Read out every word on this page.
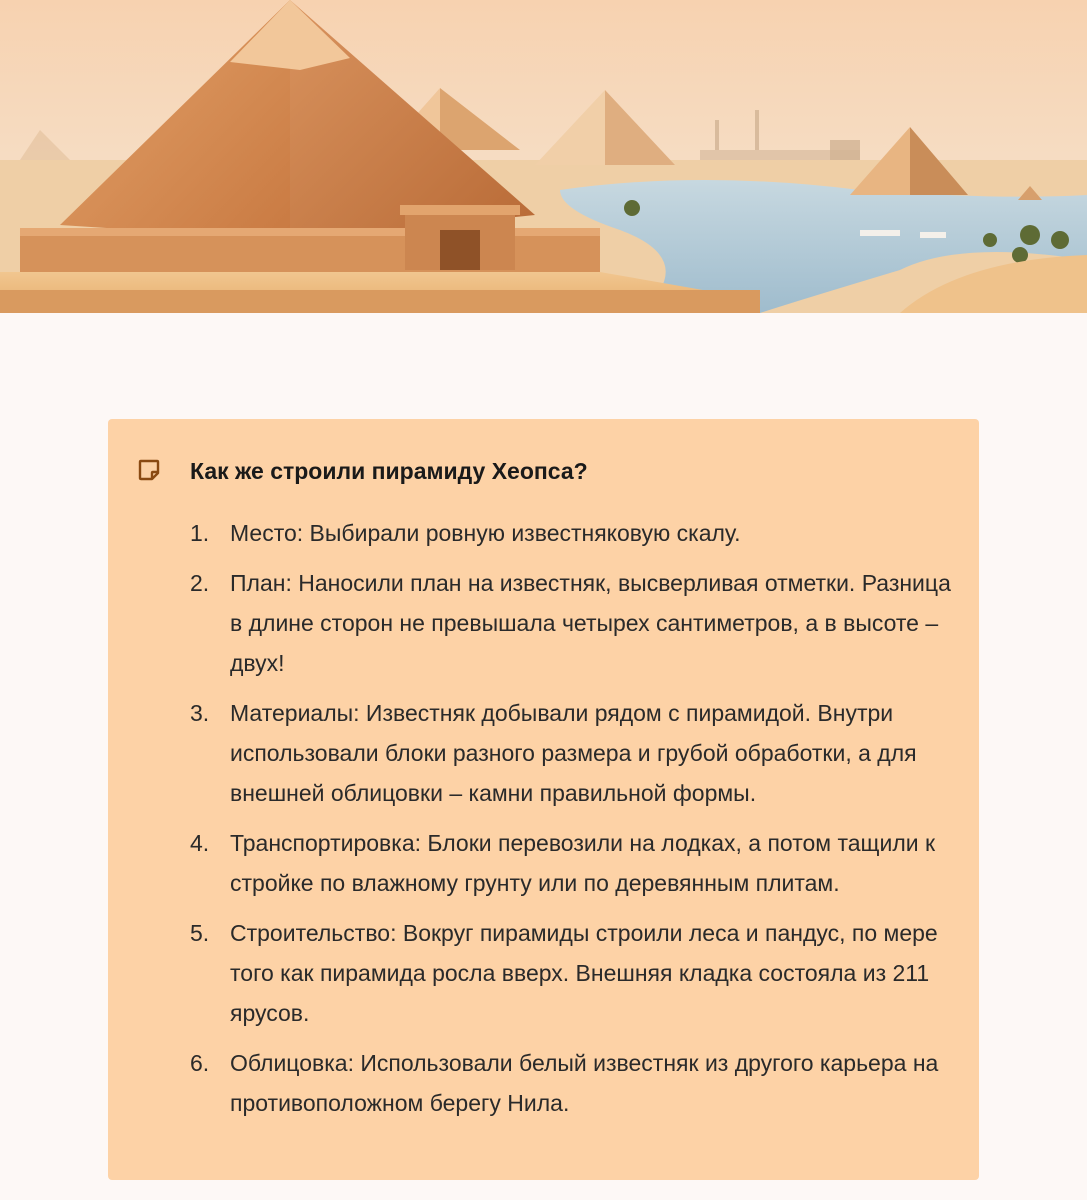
Как же строили пирамиду Хеопса?
1. Место: Выбирали ровную известняковую скалу.
2. План: Наносили план на известняк, высверливая отметки. Разница в длине сторон не превышала четырех сантиметров, а в высоте – двух!
3. Материалы: Известняк добывали рядом с пирамидой. Внутри использовали блоки разного размера и грубой обработки, а для внешней облицовки – камни правильной формы.
4. Транспортировка: Блоки перевозили на лодках, а потом тащили к стройке по влажному грунту или по деревянным плитам.
5. Строительство: Вокруг пирамиды строили леса и пандус, по мере того как пирамида росла вверх. Внешняя кладка состояла из 211 ярусов.
6. Облицовка: Использовали белый известняк из другого карьера на противоположном берегу Нила.
